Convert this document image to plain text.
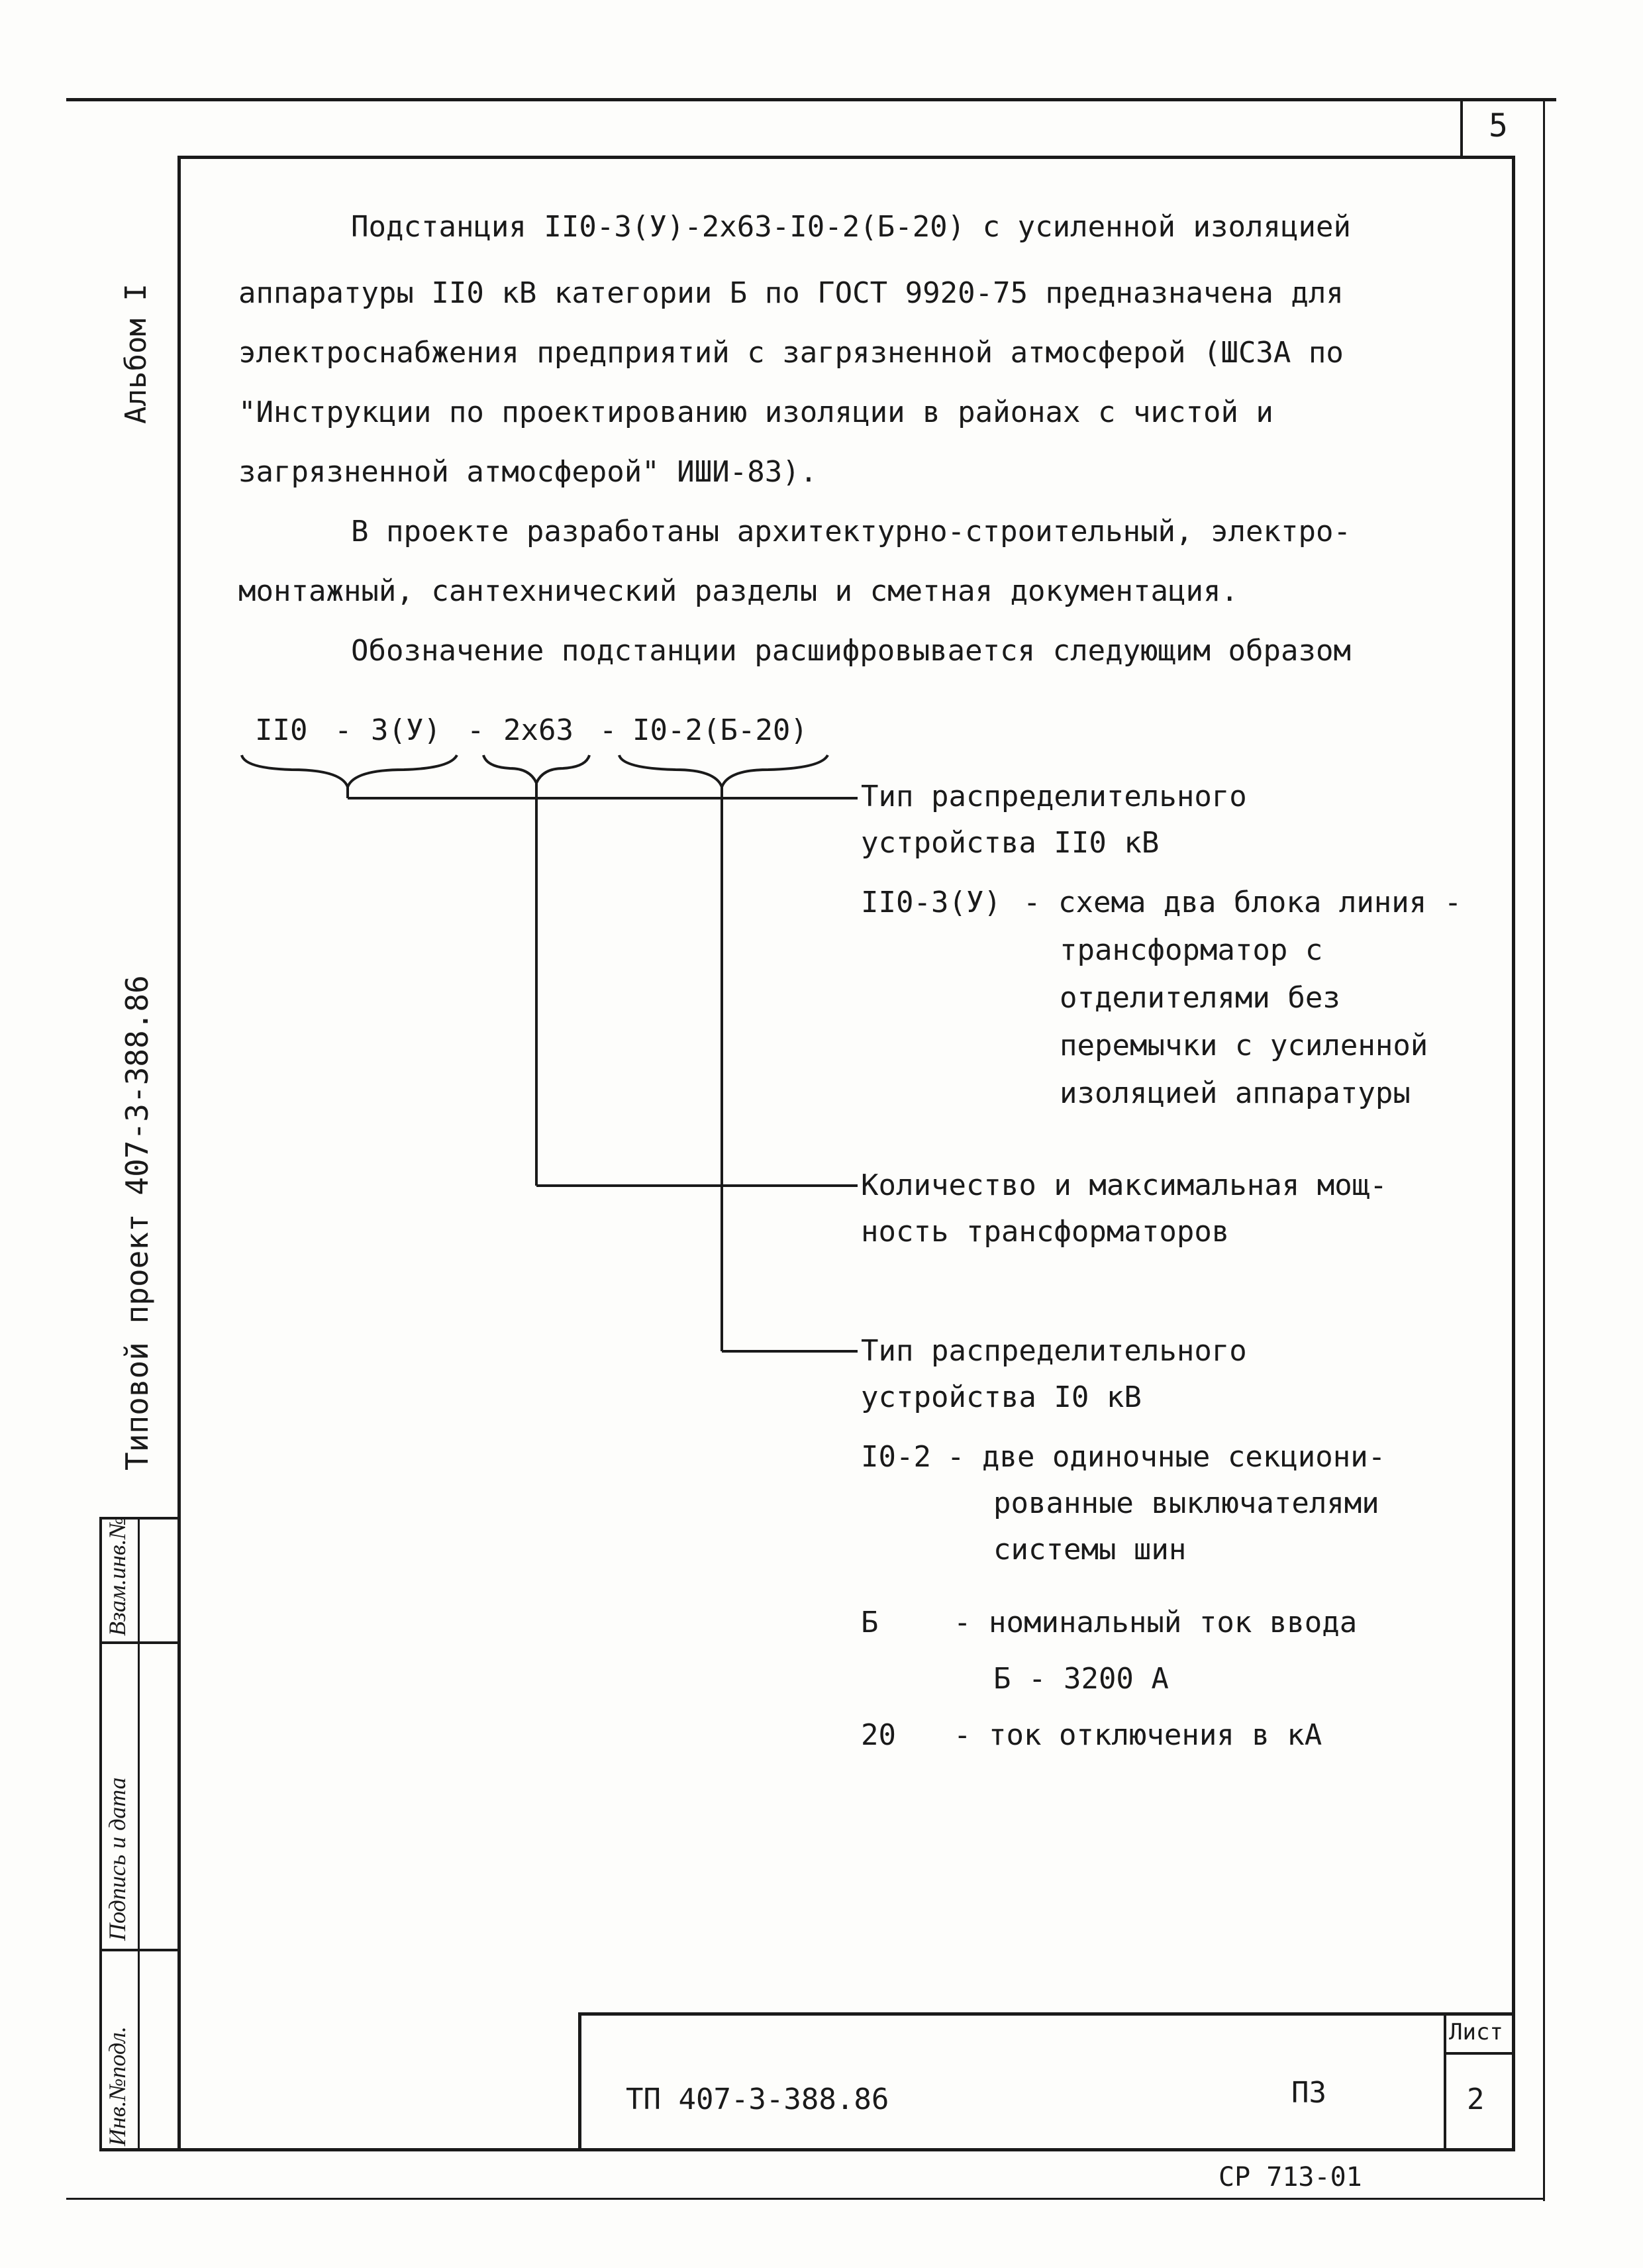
5
Взам.инв.№
Подпись и дата
Инв.№подл.
Альбом I
Типовой проект 407-3-388.86
Подстанция II0-3(У)-2х63-I0-2(Б-20) с усиленной изоляцией
аппаратуры II0 кВ категории Б по ГОСТ 9920-75 предназначена для
электроснабжения предприятий с загрязненной атмосферой (ШСЗА по
"Инструкции по проектированию изоляции в районах с чистой и
загрязненной атмосферой" ИШИ-83).
В проекте разработаны архитектурно-строительный, электро-
монтажный, сантехнический разделы и сметная документация.
Обозначение подстанции расшифровывается следующим образом
II0 - 3(У) - 2х63 - I0-2(Б-20)
Тип распределительного
устройства II0 кВ
II0-3(У) - схема два блока линия -
трансформатор с
отделителями без
перемычки с усиленной
изоляцией аппаратуры
Количество и максимальная мощ-
ность трансформаторов
Тип распределительного
устройства I0 кВ
I0-2 - две одиночные секциони-
рованные выключателями
системы шин
Б	- номинальный ток ввода
Б - 3200 А
20 - ток отключения в кА
ТП 407-3-388.86	ПЗ
Лист
2
СР 713-01
